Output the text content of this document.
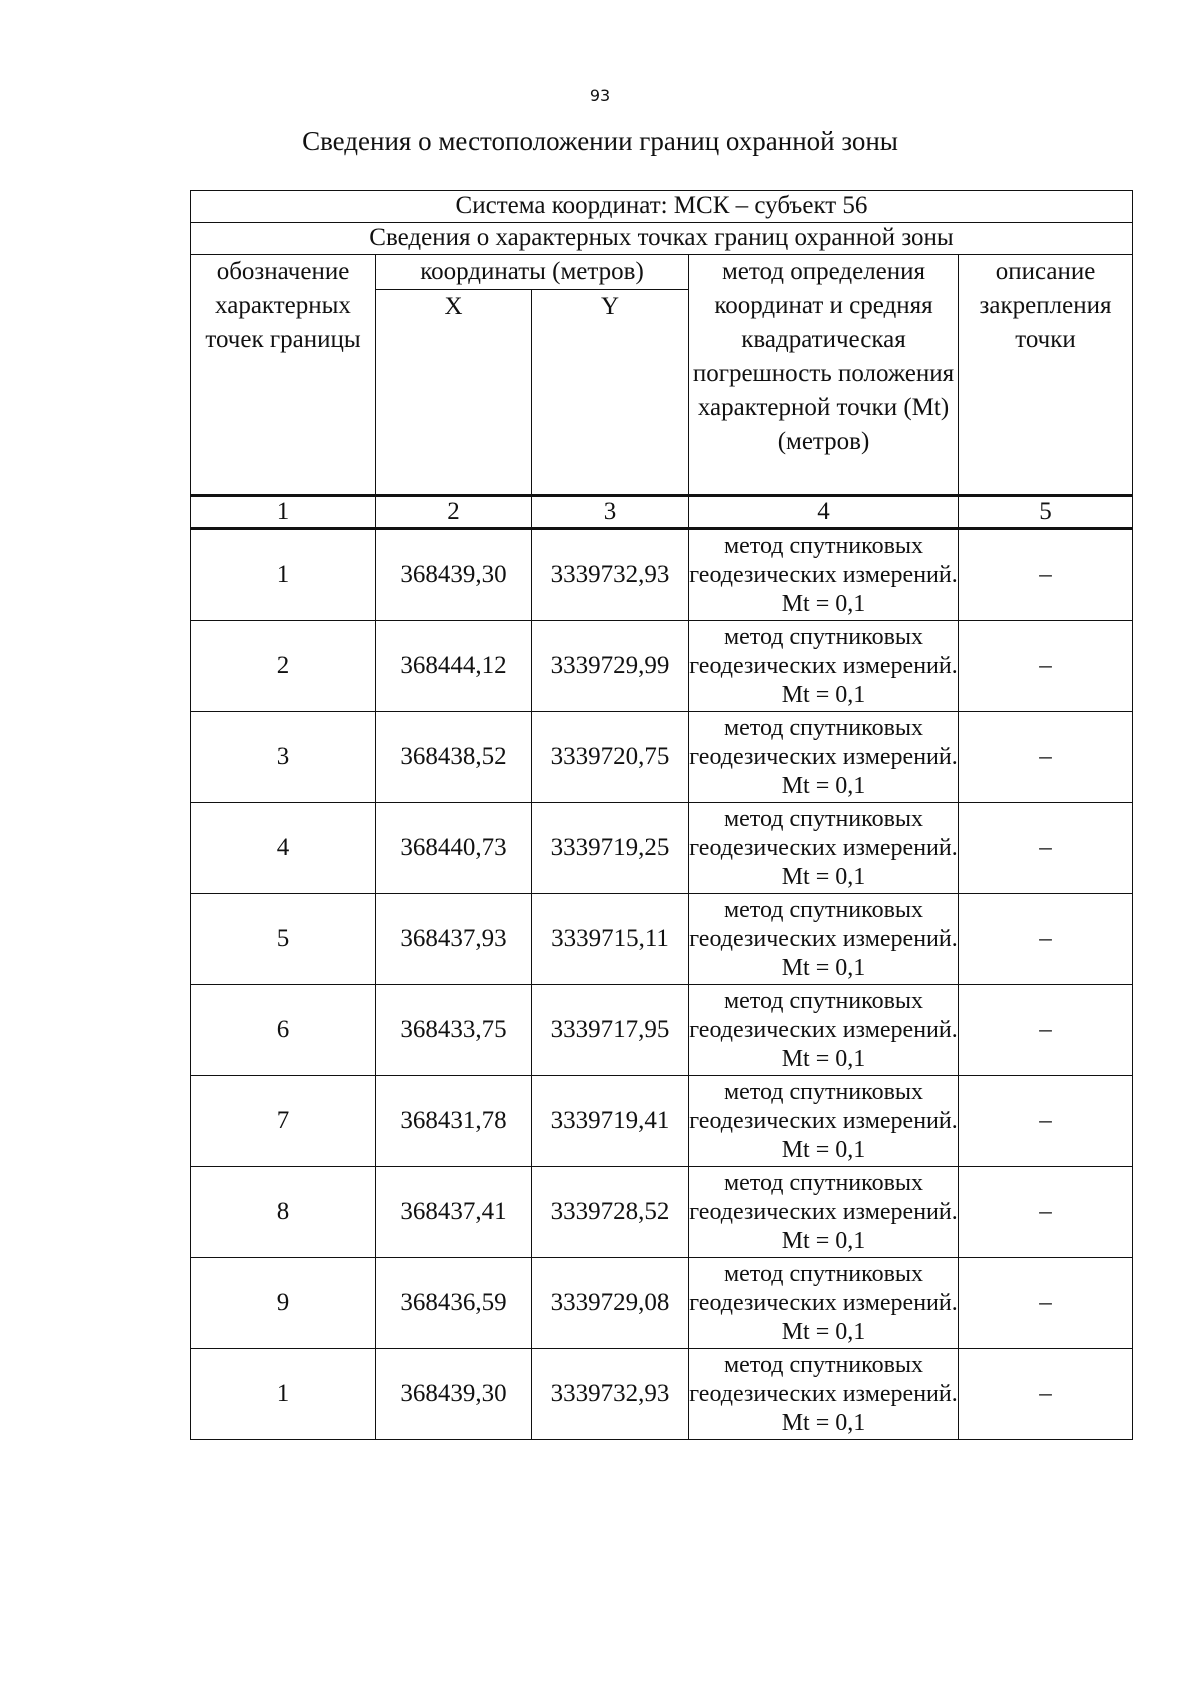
93
Сведения о местоположении границ охранной зоны
Система координат: МСК – субъект 56				
Сведения о характерных точках границ охранной зоны				
обозначение характерных точек границы	координаты (метров)		метод определения координат и средняя квадратическая погрешность положения характерной точки (Mt) (метров)	описание закрепления точки
	X	Y		
1	2	3	4	5
1	368439,30	3339732,93	метод спутниковых геодезических измерений. Mt = 0,1	–
2	368444,12	3339729,99	метод спутниковых геодезических измерений. Mt = 0,1	–
3	368438,52	3339720,75	метод спутниковых геодезических измерений. Mt = 0,1	–
4	368440,73	3339719,25	метод спутниковых геодезических измерений. Mt = 0,1	–
5	368437,93	3339715,11	метод спутниковых геодезических измерений. Mt = 0,1	–
6	368433,75	3339717,95	метод спутниковых геодезических измерений. Mt = 0,1	–
7	368431,78	3339719,41	метод спутниковых геодезических измерений. Mt = 0,1	–
8	368437,41	3339728,52	метод спутниковых геодезических измерений. Mt = 0,1	–
9	368436,59	3339729,08	метод спутниковых геодезических измерений. Mt = 0,1	–
1	368439,30	3339732,93	метод спутниковых геодезических измерений. Mt = 0,1	–
